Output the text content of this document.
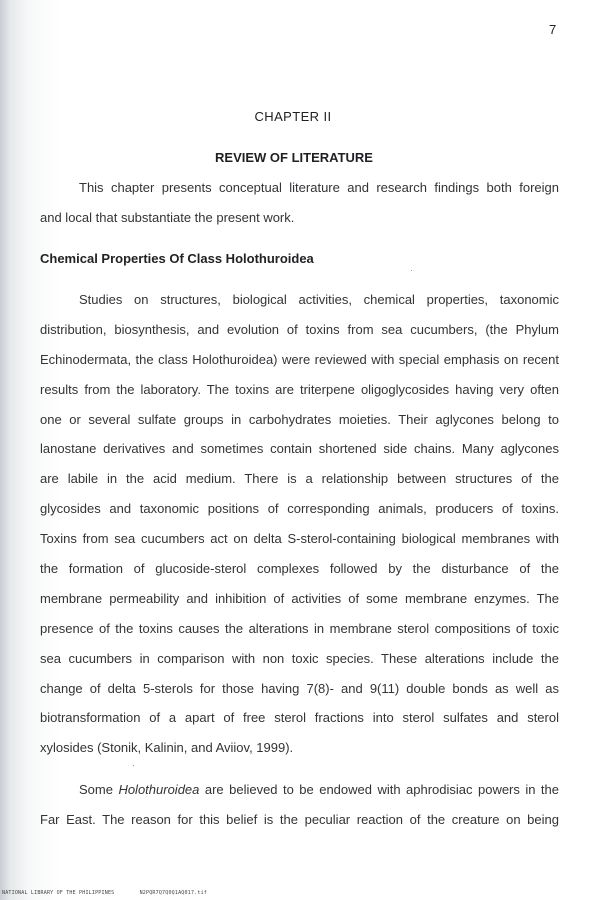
7
CHAPTER II
REVIEW OF LITERATURE
This chapter presents conceptual literature and research findings both foreign
and local that substantiate the present work.
Chemical Properties Of Class Holothuroidea
Studies on structures, biological activities, chemical properties, taxonomic
distribution, biosynthesis, and evolution of toxins from sea cucumbers, (the Phylum
Echinodermata, the class Holothuroidea) were reviewed with special emphasis on recent
results from the laboratory. The toxins are triterpene oligoglycosides having very often
one or several sulfate groups in carbohydrates moieties. Their aglycones belong to
lanostane derivatives and sometimes contain shortened side chains. Many aglycones
are labile in the acid medium. There is a relationship between structures of the
glycosides and taxonomic positions of corresponding animals, producers of toxins.
Toxins from sea cucumbers act on delta S-sterol-containing biological membranes with
the formation of glucoside-sterol complexes followed by the disturbance of the
membrane permeability and inhibition of activities of some membrane enzymes. The
presence of the toxins causes the alterations in membrane sterol compositions of toxic
sea cucumbers in comparison with non toxic species. These alterations include the
change of delta 5-sterols for those having 7(8)- and 9(11) double bonds as well as
biotransformation of a apart of free sterol fractions into sterol sulfates and sterol
xylosides (Stonik, Kalinin, and Aviiov, 1999).
Some Holothuroidea are believed to be endowed with aphrodisiac powers in the
Far East. The reason for this belief is the peculiar reaction of the creature on being
NATIONAL LIBRARY OF THE PHILIPPINES	N2PQR7Q7Q0Q1AQ017.tif
